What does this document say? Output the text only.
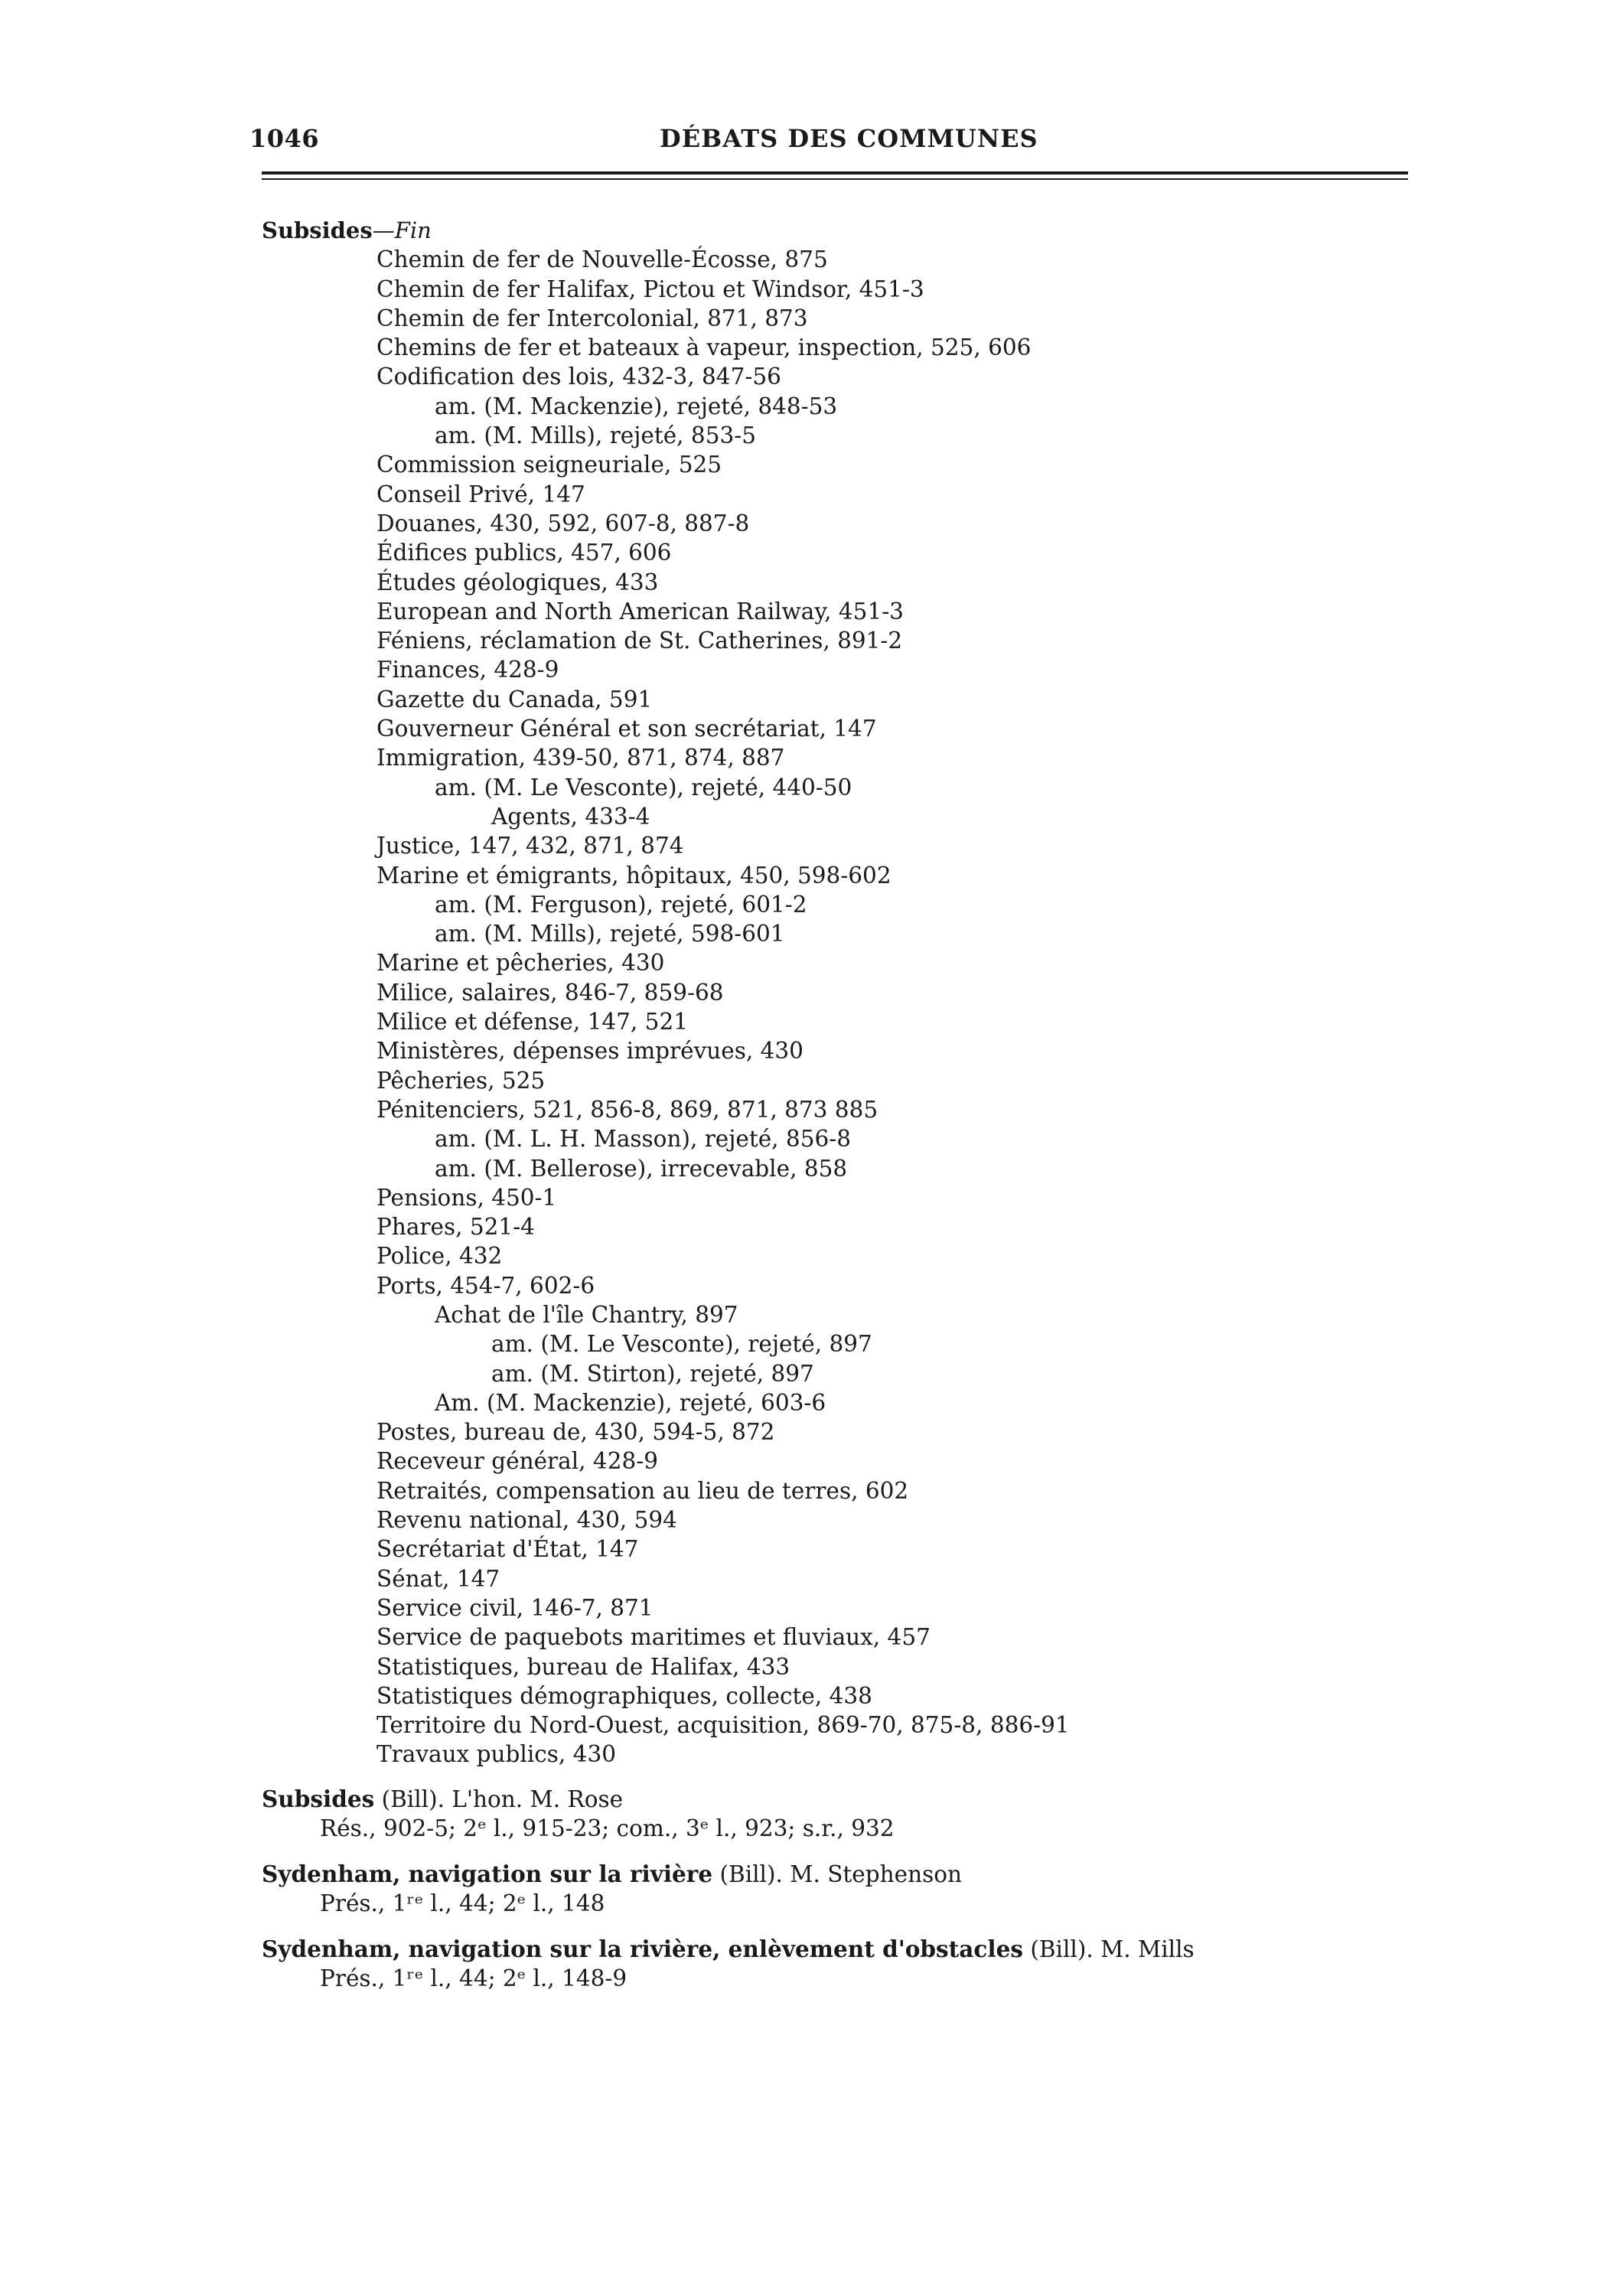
1046	DÉBATS DES COMMUNES
Subsides—Fin
Chemin de fer de Nouvelle-Écosse, 875
Chemin de fer Halifax, Pictou et Windsor, 451-3
Chemin de fer Intercolonial, 871, 873
Chemins de fer et bateaux à vapeur, inspection, 525, 606
Codification des lois, 432-3, 847-56
am. (M. Mackenzie), rejeté, 848-53
am. (M. Mills), rejeté, 853-5
Commission seigneuriale, 525
Conseil Privé, 147
Douanes, 430, 592, 607-8, 887-8
Édifices publics, 457, 606
Études géologiques, 433
European and North American Railway, 451-3
Féniens, réclamation de St. Catherines, 891-2
Finances, 428-9
Gazette du Canada, 591
Gouverneur Général et son secrétariat, 147
Immigration, 439-50, 871, 874, 887
am. (M. Le Vesconte), rejeté, 440-50
Agents, 433-4
Justice, 147, 432, 871, 874
Marine et émigrants, hôpitaux, 450, 598-602
am. (M. Ferguson), rejeté, 601-2
am. (M. Mills), rejeté, 598-601
Marine et pêcheries, 430
Milice, salaires, 846-7, 859-68
Milice et défense, 147, 521
Ministères, dépenses imprévues, 430
Pêcheries, 525
Pénitenciers, 521, 856-8, 869, 871, 873 885
am. (M. L. H. Masson), rejeté, 856-8
am. (M. Bellerose), irrecevable, 858
Pensions, 450-1
Phares, 521-4
Police, 432
Ports, 454-7, 602-6
Achat de l'île Chantry, 897
am. (M. Le Vesconte), rejeté, 897
am. (M. Stirton), rejeté, 897
Am. (M. Mackenzie), rejeté, 603-6
Postes, bureau de, 430, 594-5, 872
Receveur général, 428-9
Retraités, compensation au lieu de terres, 602
Revenu national, 430, 594
Secrétariat d'État, 147
Sénat, 147
Service civil, 146-7, 871
Service de paquebots maritimes et fluviaux, 457
Statistiques, bureau de Halifax, 433
Statistiques démographiques, collecte, 438
Territoire du Nord-Ouest, acquisition, 869-70, 875-8, 886-91
Travaux publics, 430
Subsides (Bill). L'hon. M. Rose
Rés., 902-5; 2ᵉ l., 915-23; com., 3ᵉ l., 923; s.r., 932
Sydenham, navigation sur la rivière (Bill). M. Stephenson
Prés., 1ʳᵉ l., 44; 2ᵉ l., 148
Sydenham, navigation sur la rivière, enlèvement d'obstacles (Bill). M. Mills
Prés., 1ʳᵉ l., 44; 2ᵉ l., 148-9
